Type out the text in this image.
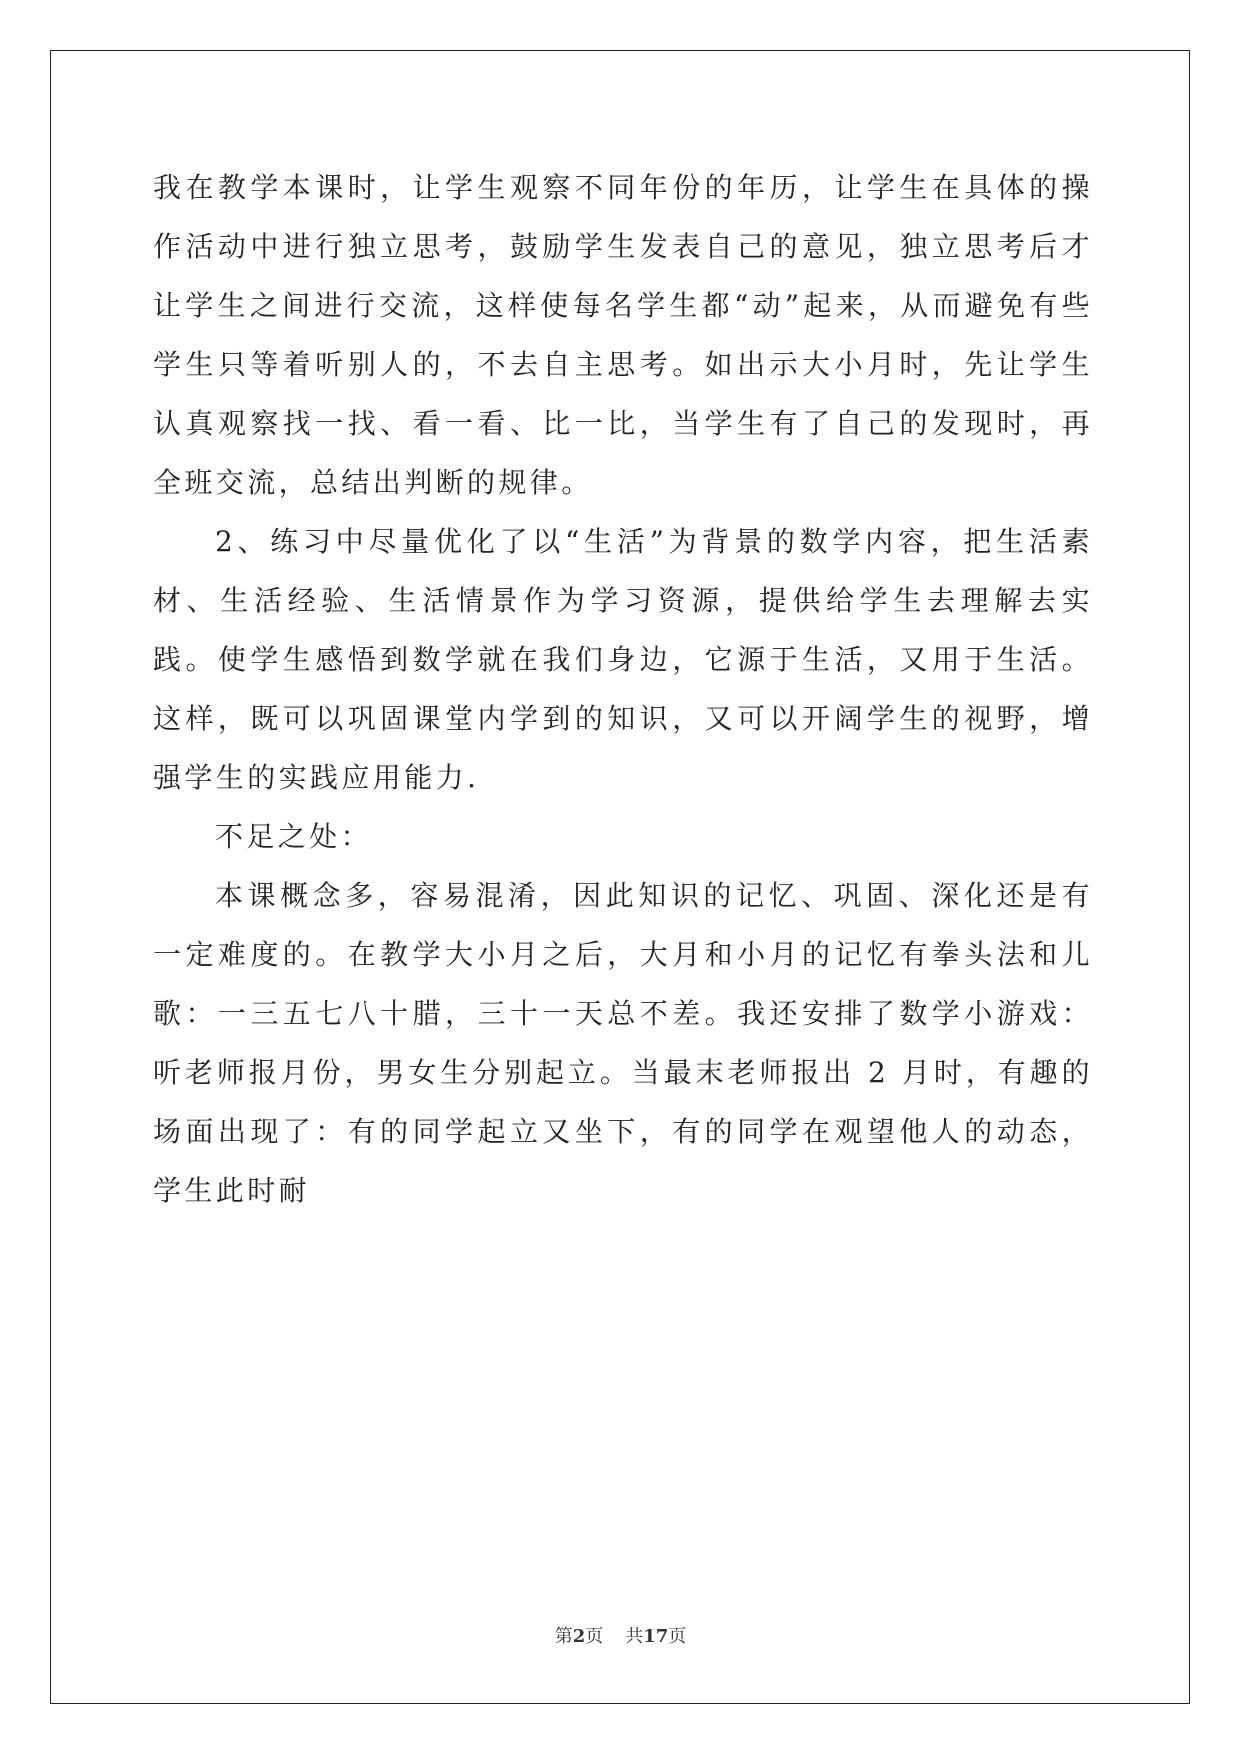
我在教学本课时，让学生观察不同年份的年历，让学生在具体的操作活动中进行独立思考，鼓励学生发表自己的意见，独立思考后才让学生之间进行交流，这样使每名学生都“动”起来，从而避免有些学生只等着听别人的，不去自主思考。如出示大小月时，先让学生认真观察找一找、看一看、比一比，当学生有了自己的发现时，再全班交流，总结出判断的规律。

2、练习中尽量优化了以“生活”为背景的数学内容，把生活素材、生活经验、生活情景作为学习资源，提供给学生去理解去实践。使学生感悟到数学就在我们身边，它源于生活，又用于生活。这样，既可以巩固课堂内学到的知识，又可以开阔学生的视野，增强学生的实践应用能力.

不足之处：

本课概念多，容易混淆，因此知识的记忆、巩固、深化还是有一定难度的。在教学大小月之后，大月和小月的记忆有拳头法和儿歌：一三五七八十腊，三十一天总不差。我还安排了数学小游戏：听老师报月份，男女生分别起立。当最末老师报出 2 月时，有趣的场面出现了：有的同学起立又坐下，有的同学在观望他人的动态，学生此时耐

第2页 共17页
